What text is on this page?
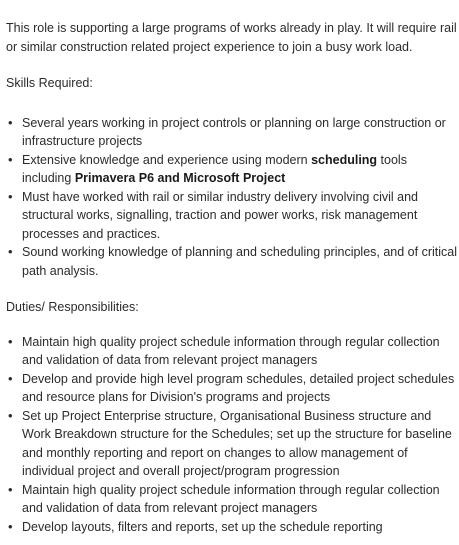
This role is supporting a large programs of works already in play. It will require rail or similar construction related project experience to join a busy work load.

Skills Required:

• Several years working in project controls or planning on large construction or infrastructure projects
• Extensive knowledge and experience using modern scheduling tools including Primavera P6 and Microsoft Project
• Must have worked with rail or similar industry delivery involving civil and structural works, signalling, traction and power works, risk management processes and practices.
• Sound working knowledge of planning and scheduling principles, and of critical path analysis.

Duties/ Responsibilities:

• Maintain high quality project schedule information through regular collection and validation of data from relevant project managers
• Develop and provide high level program schedules, detailed project schedules and resource plans for Division's programs and projects
• Set up Project Enterprise structure, Organisational Business structure and Work Breakdown structure for the Schedules; set up the structure for baseline and monthly reporting and report on changes to allow management of individual project and overall project/program progression
• Maintain high quality project schedule information through regular collection and validation of data from relevant project managers
• Develop layouts, filters and reports, set up the schedule reporting
